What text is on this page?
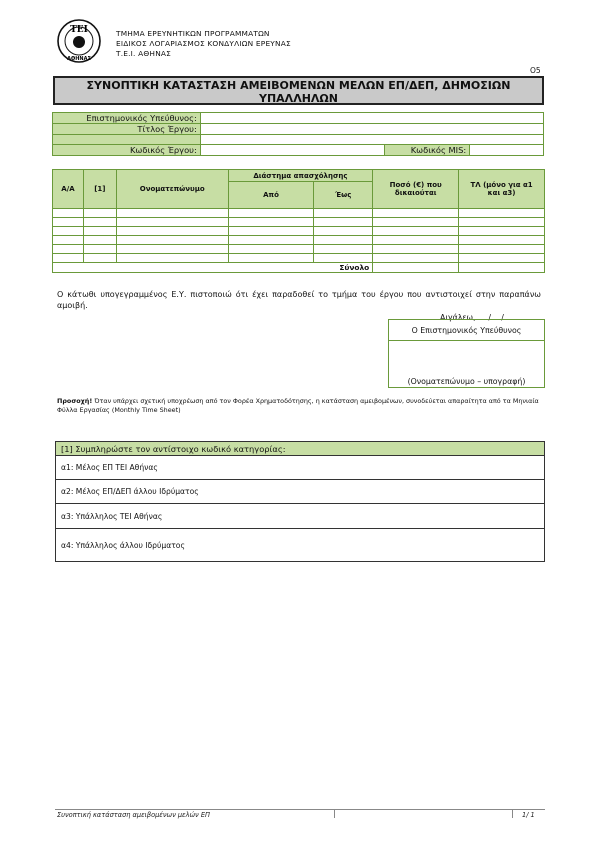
ΤΕΙ
ΑΘΗΝΑΣ
ΤΜΗΜΑ ΕΡΕΥΝΗΤΙΚΩΝ ΠΡΟΓΡΑΜΜΑΤΩΝ
ΕΙΔΙΚΟΣ ΛΟΓΑΡΙΑΣΜΟΣ ΚΟΝΔΥΛΙΩΝ ΕΡΕΥΝΑΣ
Τ.Ε.Ι. ΑΘΗΝΑΣ
O5
ΣΥΝΟΠΤΙΚΗ ΚΑΤΑΣΤΑΣΗ ΑΜΕΙΒΟΜΕΝΩΝ ΜΕΛΩΝ ΕΠ/ΔΕΠ, ΔΗΜΟΣΙΩΝ ΥΠΑΛΛΗΛΩΝ
Επιστημονικός Υπεύθυνος:			
Τίτλος Έργου:			

Κωδικός Έργου:		Κωδικός MIS:	
Α/Α	[1]	Ονοματεπώνυμο	Διάστημα απασχόλησης		Ποσό (€) που δικαιούται	ΤΛ (μόνο για α1 και α3)
			Από	Έως		

Σύνολο						
Ο κάτωθι υπογεγραμμένος Ε.Υ. πιστοποιώ ότι έχει παραδοθεί το τμήμα του έργου που αντιστοιχεί στην παραπάνω αμοιβή.
Αιγάλεω, …./…./…..
Ο Επιστημονικός Υπεύθυνος
(Ονοματεπώνυμο – υπογραφή)
Προσοχή! Όταν υπάρχει σχετική υποχρέωση από τον Φορέα Χρηματοδότησης, η κατάσταση αμειβομένων, συνοδεύεται απαραίτητα από τα Μηνιαία Φύλλα Εργασίας (Monthly Time Sheet)
[1] Συμπληρώστε τον αντίστοιχο κωδικό κατηγορίας:
α1: Μέλος ΕΠ ΤΕΙ Αθήνας
α2: Μέλος ΕΠ/ΔΕΠ άλλου Ιδρύματος
α3: Υπάλληλος ΤΕΙ Αθήνας
α4: Υπάλληλος άλλου Ιδρύματος
Συνοπτική κατάσταση αμειβομένων μελών ΕΠ	1/ 1
